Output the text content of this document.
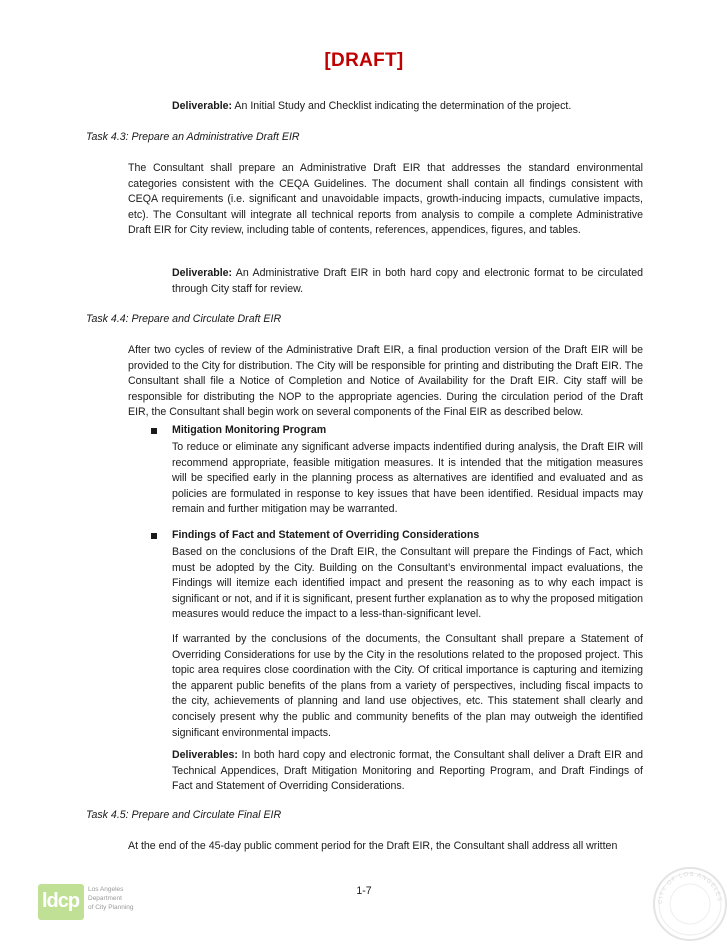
[DRAFT]
Deliverable: An Initial Study and Checklist indicating the determination of the project.
Task 4.3: Prepare an Administrative Draft EIR
The Consultant shall prepare an Administrative Draft EIR that addresses the standard environmental categories consistent with the CEQA Guidelines. The document shall contain all findings consistent with CEQA requirements (i.e. significant and unavoidable impacts, growth-inducing impacts, cumulative impacts, etc). The Consultant will integrate all technical reports from analysis to compile a complete Administrative Draft EIR for City review, including table of contents, references, appendices, figures, and tables.
Deliverable: An Administrative Draft EIR in both hard copy and electronic format to be circulated through City staff for review.
Task 4.4: Prepare and Circulate Draft EIR
After two cycles of review of the Administrative Draft EIR, a final production version of the Draft EIR will be provided to the City for distribution. The City will be responsible for printing and distributing the Draft EIR. The Consultant shall file a Notice of Completion and Notice of Availability for the Draft EIR. City staff will be responsible for distributing the NOP to the appropriate agencies. During the circulation period of the Draft EIR, the Consultant shall begin work on several components of the Final EIR as described below.
Mitigation Monitoring Program
To reduce or eliminate any significant adverse impacts indentified during analysis, the Draft EIR will recommend appropriate, feasible mitigation measures. It is intended that the mitigation measures will be specified early in the planning process as alternatives are identified and evaluated and as policies are formulated in response to key issues that have been identified. Residual impacts may remain and further mitigation may be warranted.
Findings of Fact and Statement of Overriding Considerations
Based on the conclusions of the Draft EIR, the Consultant will prepare the Findings of Fact, which must be adopted by the City. Building on the Consultant’s environmental impact evaluations, the Findings will itemize each identified impact and present the reasoning as to why each impact is significant or not, and if it is significant, present further explanation as to why the proposed mitigation measures would reduce the impact to a less-than-significant level.
If warranted by the conclusions of the documents, the Consultant shall prepare a Statement of Overriding Considerations for use by the City in the resolutions related to the proposed project. This topic area requires close coordination with the City. Of critical importance is capturing and itemizing the apparent public benefits of the plans from a variety of perspectives, including fiscal impacts to the city, achievements of planning and land use objectives, etc. This statement shall clearly and concisely present why the public and community benefits of the plan may outweigh the identified significant environmental impacts.
Deliverables: In both hard copy and electronic format, the Consultant shall deliver a Draft EIR and Technical Appendices, Draft Mitigation Monitoring and Reporting Program, and Draft Findings of Fact and Statement of Overriding Considerations.
Task 4.5: Prepare and Circulate Final EIR
At the end of the 45-day public comment period for the Draft EIR, the Consultant shall address all written
1-7
ldcp
Los Angeles
Department
of City Planning
CITY OF LOS ANGELES
